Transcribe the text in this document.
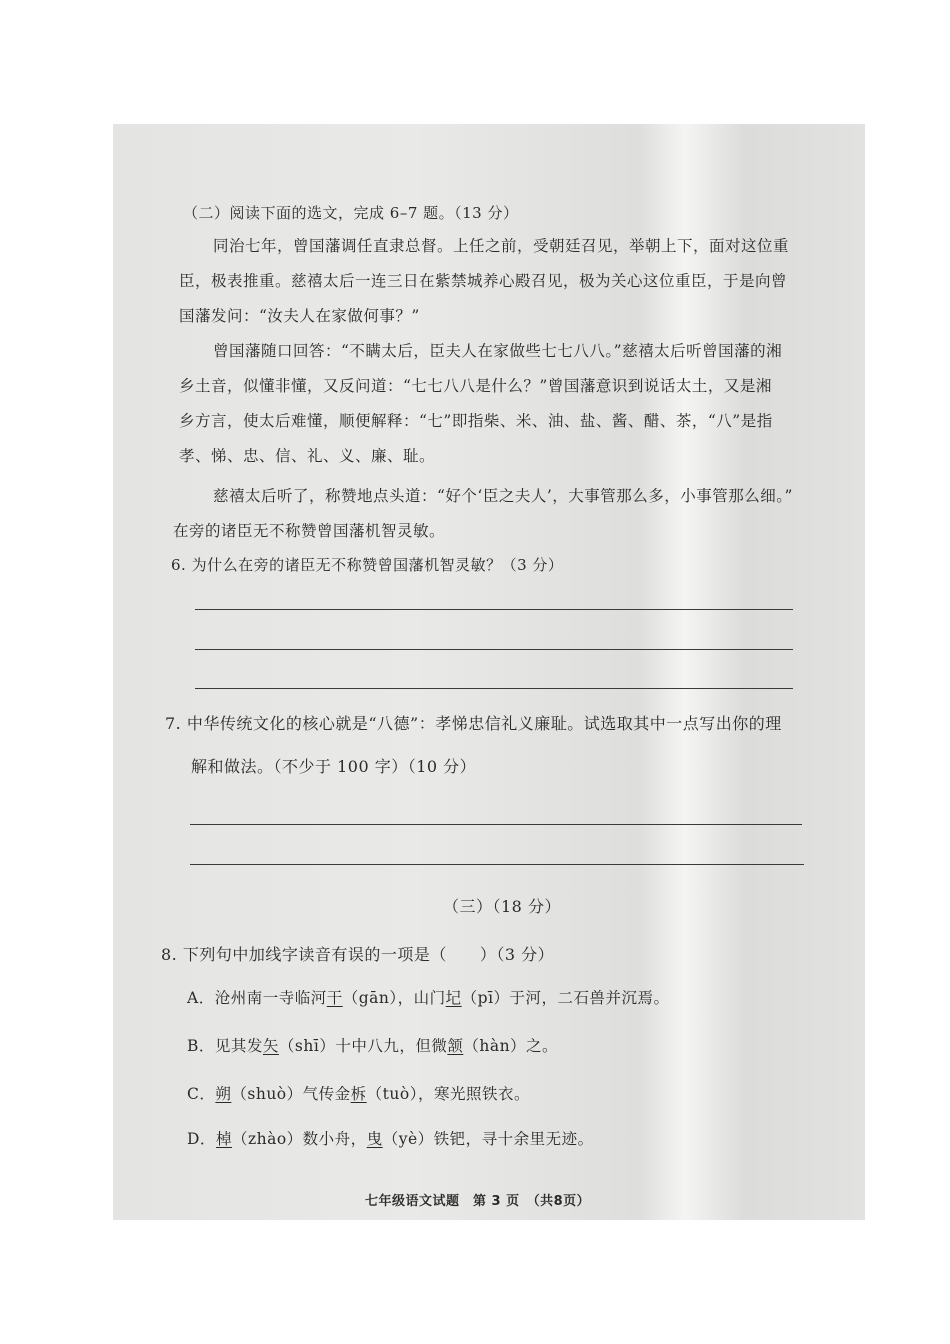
（二）阅读下面的选文，完成 6–7 题。（13 分）
同治七年，曾国藩调任直隶总督。上任之前，受朝廷召见，举朝上下，面对这位重
臣，极表推重。慈禧太后一连三日在紫禁城养心殿召见，极为关心这位重臣，于是向曾
国藩发问：“汝夫人在家做何事？”
曾国藩随口回答：“不瞒太后，臣夫人在家做些七七八八。”慈禧太后听曾国藩的湘
乡土音，似懂非懂，又反问道：“七七八八是什么？”曾国藩意识到说话太土，又是湘
乡方言，使太后难懂，顺便解释：“七”即指柴、米、油、盐、酱、醋、茶，“八”是指
孝、悌、忠、信、礼、义、廉、耻。
慈禧太后听了，称赞地点头道：“好个‘臣之夫人’，大事管那么多，小事管那么细。”
在旁的诸臣无不称赞曾国藩机智灵敏。
6. 为什么在旁的诸臣无不称赞曾国藩机智灵敏？（3 分）
7. 中华传统文化的核心就是“八德”：孝悌忠信礼义廉耻。试选取其中一点写出你的理
解和做法。（不少于 100 字）（10 分）
（三）（18 分）
8. 下列句中加线字读音有误的一项是（　　）（3 分）
A．沧州南一寺临河干（gān），山门圮（pī）于河，二石兽并沉焉。
B．见其发矢（shī）十中八九，但微颔（hàn）之。
C．朔（shuò）气传金柝（tuò），寒光照铁衣。
D．棹（zhào）数小舟，曳（yè）铁钯，寻十余里无迹。
七年级语文试题　第 3 页　（共8页）
